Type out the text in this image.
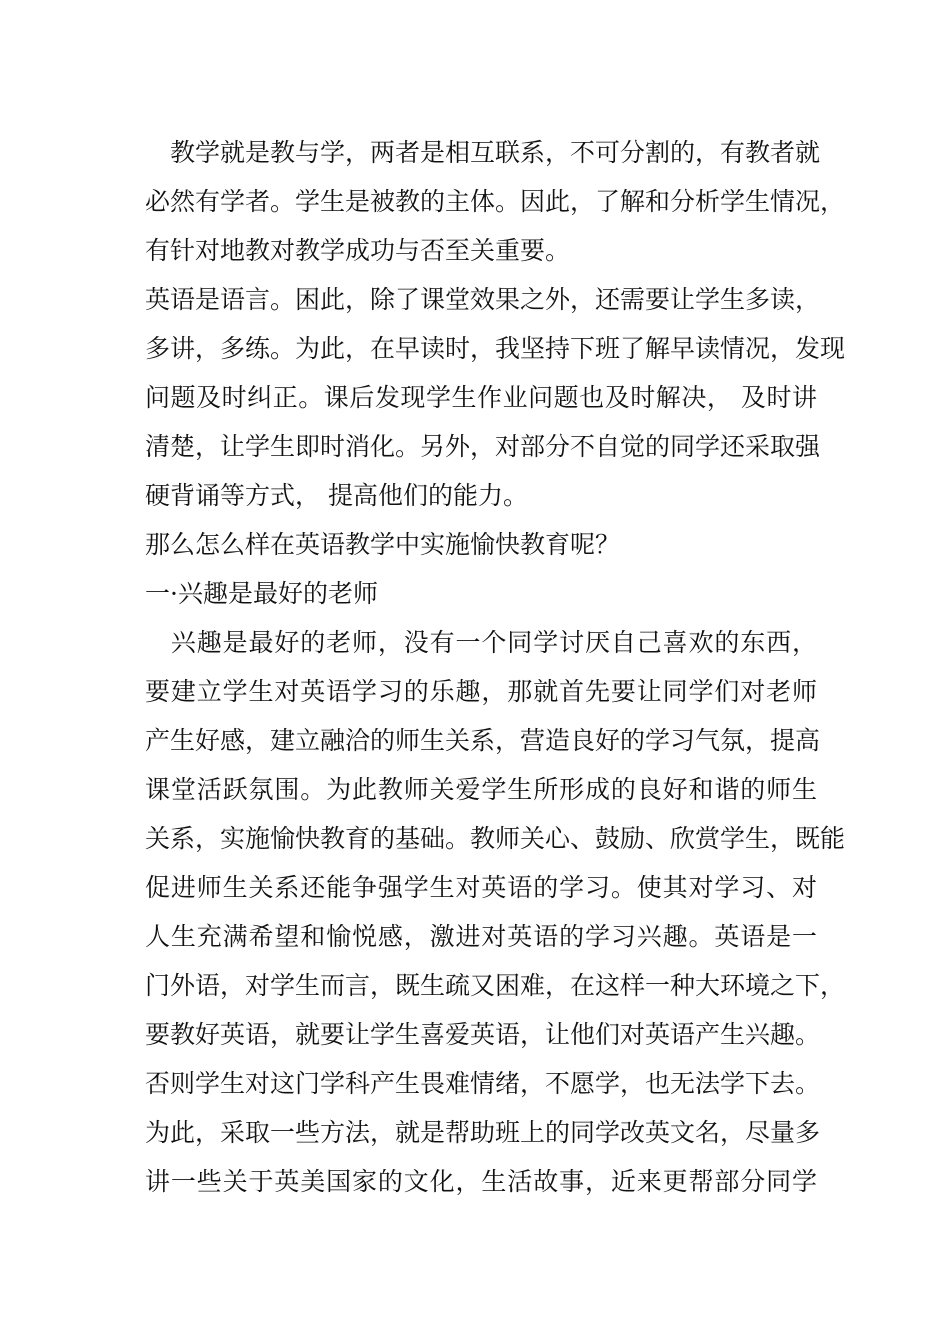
　教学就是教与学，两者是相互联系，不可分割的，有教者就
必然有学者。学生是被教的主体。因此，了解和分析学生情况，
有针对地教对教学成功与否至关重要。
英语是语言。困此，除了课堂效果之外，还需要让学生多读，
多讲，多练。为此，在早读时，我坚持下班了解早读情况，发现
问题及时纠正。课后发现学生作业问题也及时解决， 及时讲
清楚，让学生即时消化。另外，对部分不自觉的同学还采取强
硬背诵等方式， 提高他们的能力。
那么怎么样在英语教学中实施愉快教育呢？
一·兴趣是最好的老师
　兴趣是最好的老师，没有一个同学讨厌自己喜欢的东西，
要建立学生对英语学习的乐趣，那就首先要让同学们对老师
产生好感，建立融洽的师生关系，营造良好的学习气氛，提高
课堂活跃氛围。为此教师关爱学生所形成的良好和谐的师生
关系，实施愉快教育的基础。教师关心、鼓励、欣赏学生，既能
促进师生关系还能争强学生对英语的学习。使其对学习、对
人生充满希望和愉悦感，激进对英语的学习兴趣。英语是一
门外语，对学生而言，既生疏又困难，在这样一种大环境之下，
要教好英语，就要让学生喜爱英语，让他们对英语产生兴趣。
否则学生对这门学科产生畏难情绪，不愿学，也无法学下去。
为此，采取一些方法，就是帮助班上的同学改英文名，尽量多
讲一些关于英美国家的文化，生活故事，近来更帮部分同学
